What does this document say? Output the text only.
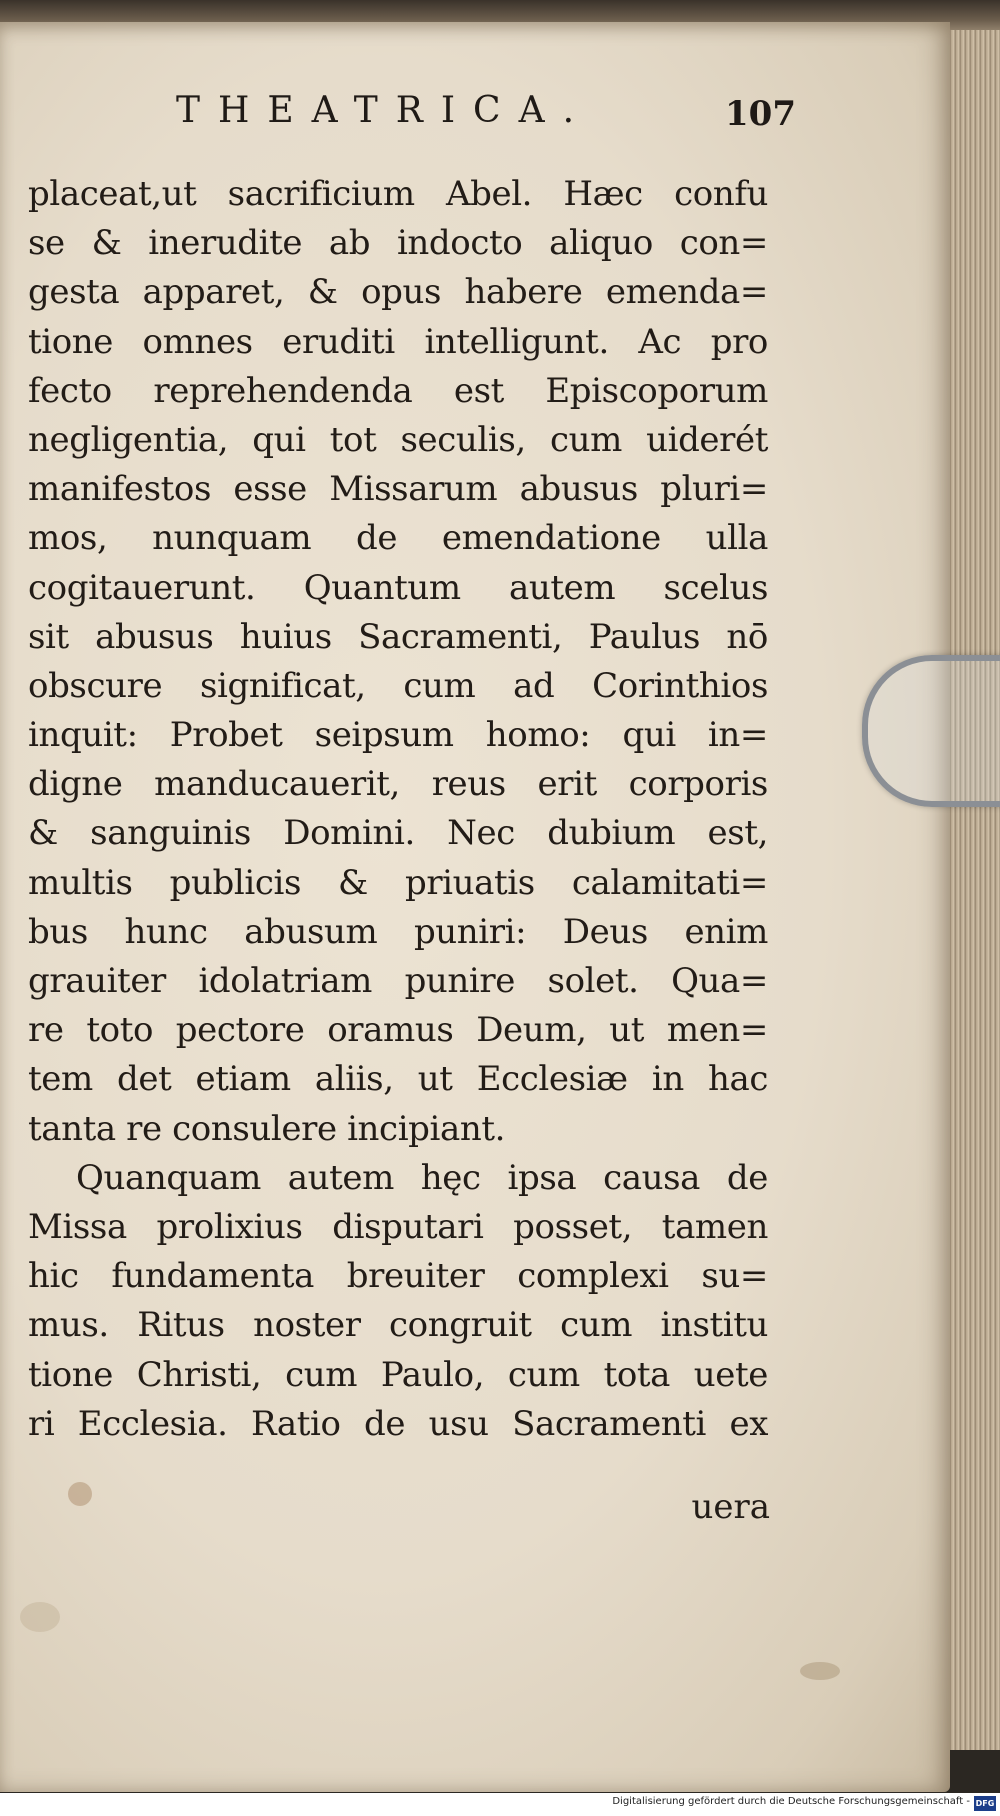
THEATRICA.	107
placeat,ut sacrificium Abel. Hæc confu
se & inerudite ab indocto aliquo con=
gesta apparet, & opus habere emenda=
tione omnes eruditi intelligunt. Ac pro
fecto reprehendenda est Episcoporum
negligentia, qui tot seculis, cum uiderét
manifestos esse Missarum abusus pluri=
mos, nunquam de emendatione ulla
cogitauerunt. Quantum autem scelus
sit abusus huius Sacramenti, Paulus nō
obscure significat, cum ad Corinthios
inquit: Probet seipsum homo: qui in=
digne manducauerit, reus erit corporis
& sanguinis Domini. Nec dubium est,
multis publicis & priuatis calamitati=
bus hunc abusum puniri: Deus enim
grauiter idolatriam punire solet. Qua=
re toto pectore oramus Deum, ut men=
tem det etiam aliis, ut Ecclesiæ in hac
tanta re consulere incipiant.
Quanquam autem hęc ipsa causa de
Missa prolixius disputari posset, tamen
hic fundamenta breuiter complexi su=
mus. Ritus noster congruit cum institu
tione Christi, cum Paulo, cum tota uete
ri Ecclesia. Ratio de usu Sacramenti ex
uera
Digitalisierung gefördert durch die Deutsche Forschungsgemeinschaft - DFG
